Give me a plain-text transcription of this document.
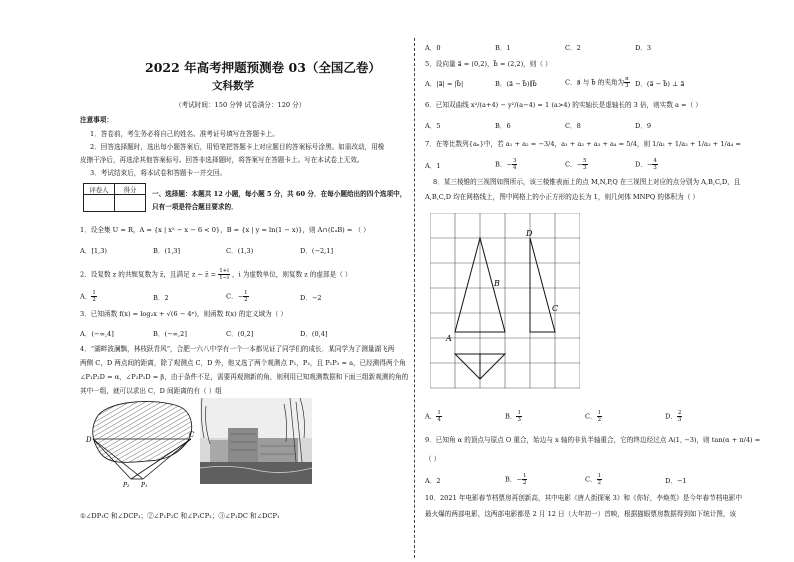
2022 年高考押题预测卷 03（全国乙卷）
文科数学
（考试时间：150 分钟 试卷满分：120 分）
注意事项：
1．答卷前，考生务必将自己的姓名、准考证号填写在答题卡上。
2．回答选择题时，选出每小题答案后，用铅笔把答题卡上对应题目的答案标号涂黑。如需改动，用橡
皮擦干净后，再选涂其他答案标号。回答非选择题时，将答案写在答题卡上。写在本试卷上无效。
3．考试结束后，将本试卷和答题卡一并交回。
评卷人	得分

一、选择题：本题共 12 小题，每小题 5 分，共 60 分．在每小题给出的四个选项中，
只有一项是符合题目要求的．
1．设全集 U = R，A = {x | x² − x − 6 < 0}，B = {x | y = ln(1 − x)}，则 A∩(∁ᵤB) = （ ）
A．[1,3)	B．(1,3]	C．(1,3)	D．(−2,1]
2．设复数 z 的共轭复数为 z̄，且满足 z − z̄ = $\frac{1+i}{1-i}$ ，i 为虚数单位，则复数 z 的虚部是（ ）
A． $\frac{1}{2}$	B．2	C．− $\frac{1}{2}$	D．−2
3．已知函数 f(x) = log₂x + √(6 − 4ˣ)，则函数 f(x) 的定义域为（ ）
A．(−∞,4]	B．(−∞,2]	C．(0,2]	D．(0,4]
4．“湖畔波澜飘，林枝跃青风”，合肥一六八中学有一个一本都见证了同学们的成长．某同学为了测量湖飞两
两侧 C，D 两点间的距离，除了观测点 C，D 外，他又选了两个观测点 P₁，P₂，且 P₁P₂ = a，已经测得两个角
∠P₁P₂D = α，∠P₂P₁D = β，由于条件不足，需要再观测新的角，则利用已知观测数据和下面三组新观测的角的
其中一组，就可以求出 C，D 间距离的有（ ）组
D
C
P₂ P₁
①∠DP₁C 和∠DCP₁；②∠P₁P₂C 和∠P₁CP₂；③∠P₁DC 和∠DCP₁
A．0	B．1	C．2	D．3
5．设向量 a⃗ = (0,2)，b⃗ = (2,2)，则（ ）
A．|a⃗| = |b⃗|	B．(a⃗ − b⃗)∥b⃗	C．a⃗ 与 b⃗ 的夹角为 $\frac{\pi}{3}$ D．(a⃗ − b⃗) ⊥ a⃗
6．已知双曲线 x²/(a+4) − y²/(a−4) = 1 (a>4) 的实轴长是虚轴长的 3 倍，则实数 a =（ ）
A．5	B．6	C．8	D．9
7．在等比数列{aₙ}中，若 a₁ + a₂ = −3/4，a₁ + a₂ + a₃ + a₄ = 5/4，则 1/a₁ + 1/a₂ + 1/a₃ + 1/a₄ =
A．1	B．− $\frac{3}{4}$	C．− $\frac{5}{3}$	D．− $\frac{4}{3}$
8．某三棱锥的三视图如图所示，该三棱锥表面上的点 M,N,P,Q 在三视图上对应的点分别为 A,B,C,D，且
A,B,C,D 均在网格线上，图中网格上的小正方形的边长为 1，则几何体 MNPQ 的体积为（ ）
A
B
C
D
A． $\frac{1}{4}$	B． $\frac{1}{3}$	C． $\frac{1}{2}$	D． $\frac{2}{3}$
9．已知角 α 的顶点与原点 O 重合，始边与 x 轴的非负半轴重合，它的终边经过点 A(1, −3)，则 tan(α + π/4) =
（ ）
A．2	B．− $\frac{1}{2}$	C． $\frac{1}{2}$	D．−1
10．2021 年电影春节档票房再创新高，其中电影《唐人街探案 3》和《你好，李焕英》是今年春节档电影中
最火爆的两部电影，这两部电影都是 2 月 12 日（大年初一）首映，根据猫眼票房数据得到如下统计图，该
